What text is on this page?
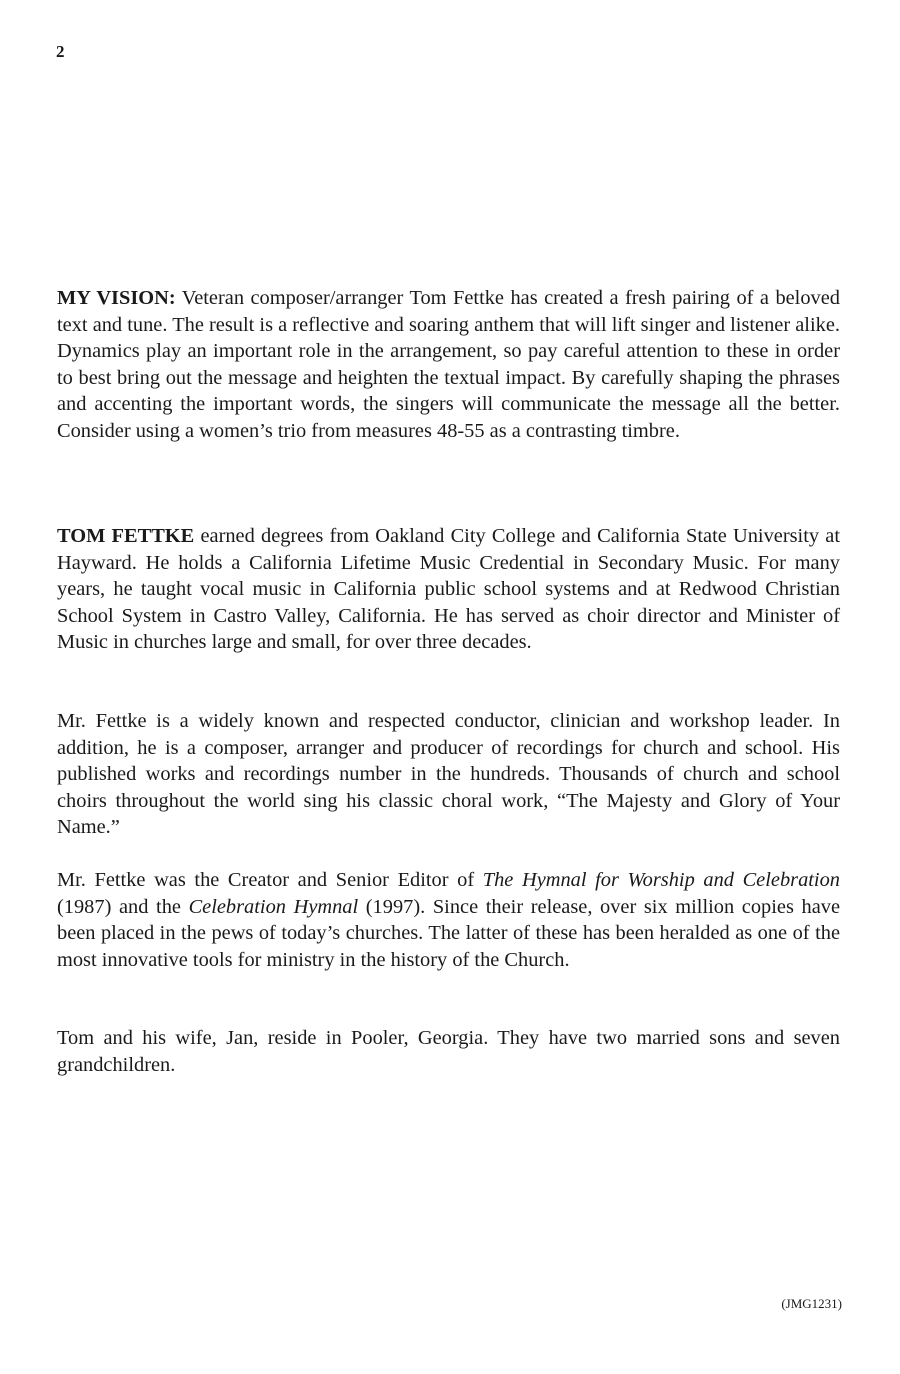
2

MY VISION: Veteran composer/arranger Tom Fettke has created a fresh pairing of a beloved text and tune. The result is a reflective and soaring anthem that will lift singer and listener alike. Dynamics play an important role in the arrangement, so pay careful attention to these in order to best bring out the message and heighten the textual impact. By carefully shaping the phrases and accenting the important words, the singers will communicate the message all the better. Consider using a women’s trio from measures 48-55 as a contrasting timbre.

TOM FETTKE earned degrees from Oakland City College and California State University at Hayward. He holds a California Lifetime Music Credential in Secondary Music. For many years, he taught vocal music in California public school systems and at Redwood Christian School System in Castro Valley, California. He has served as choir director and Minister of Music in churches large and small, for over three decades.

Mr. Fettke is a widely known and respected conductor, clinician and workshop leader. In addition, he is a composer, arranger and producer of recordings for church and school. His published works and recordings number in the hundreds. Thousands of church and school choirs throughout the world sing his classic choral work, “The Majesty and Glory of Your Name.”

Mr. Fettke was the Creator and Senior Editor of The Hymnal for Worship and Celebration (1987) and the Celebration Hymnal (1997). Since their release, over six million copies have been placed in the pews of today’s churches. The latter of these has been heralded as one of the most innovative tools for ministry in the history of the Church.

Tom and his wife, Jan, reside in Pooler, Georgia. They have two married sons and seven grandchildren.

(JMG1231)
